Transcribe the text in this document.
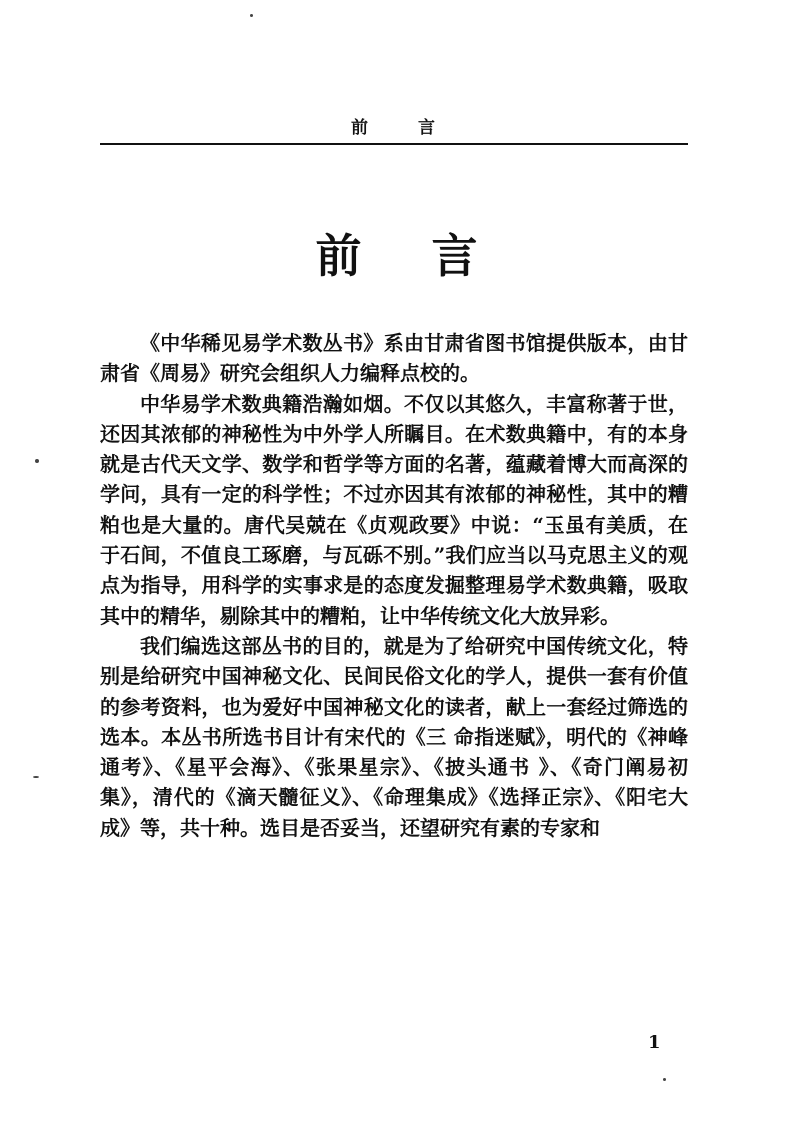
前	言
前 言

《中华稀见易学术数丛书》系由甘肃省图书馆提供版本，由甘肃省《周易》研究会组织人力编释点校的。

中华易学术数典籍浩瀚如烟。不仅以其悠久，丰富称著于世，还因其浓郁的神秘性为中外学人所瞩目。在术数典籍中，有的本身就是古代天文学、数学和哲学等方面的名著，蕴藏着博大而高深的学问，具有一定的科学性；不过亦因其有浓郁的神秘性，其中的糟粕也是大量的。唐代吴兢在《贞观政要》中说：“玉虽有美质，在于石间，不值良工琢磨，与瓦砾不别。”我们应当以马克思主义的观点为指导，用科学的实事求是的态度发掘整理易学术数典籍，吸取其中的精华，剔除其中的糟粕，让中华传统文化大放异彩。

我们编选这部丛书的目的，就是为了给研究中国传统文化，特别是给研究中国神秘文化、民间民俗文化的学人，提供一套有价值的参考资料，也为爱好中国神秘文化的读者，献上一套经过筛选的选本。本丛书所选书目计有宋代的《三 命指迷赋》，明代的《神峰通考》、《星平会海》、《张果星宗》、《披头通书 》、《奇门阐易初集》，清代的《滴天髓征义》、《命理集成》《选择正宗》、《阳宅大成》等，共十种。选目是否妥当，还望研究有素的专家和

1
